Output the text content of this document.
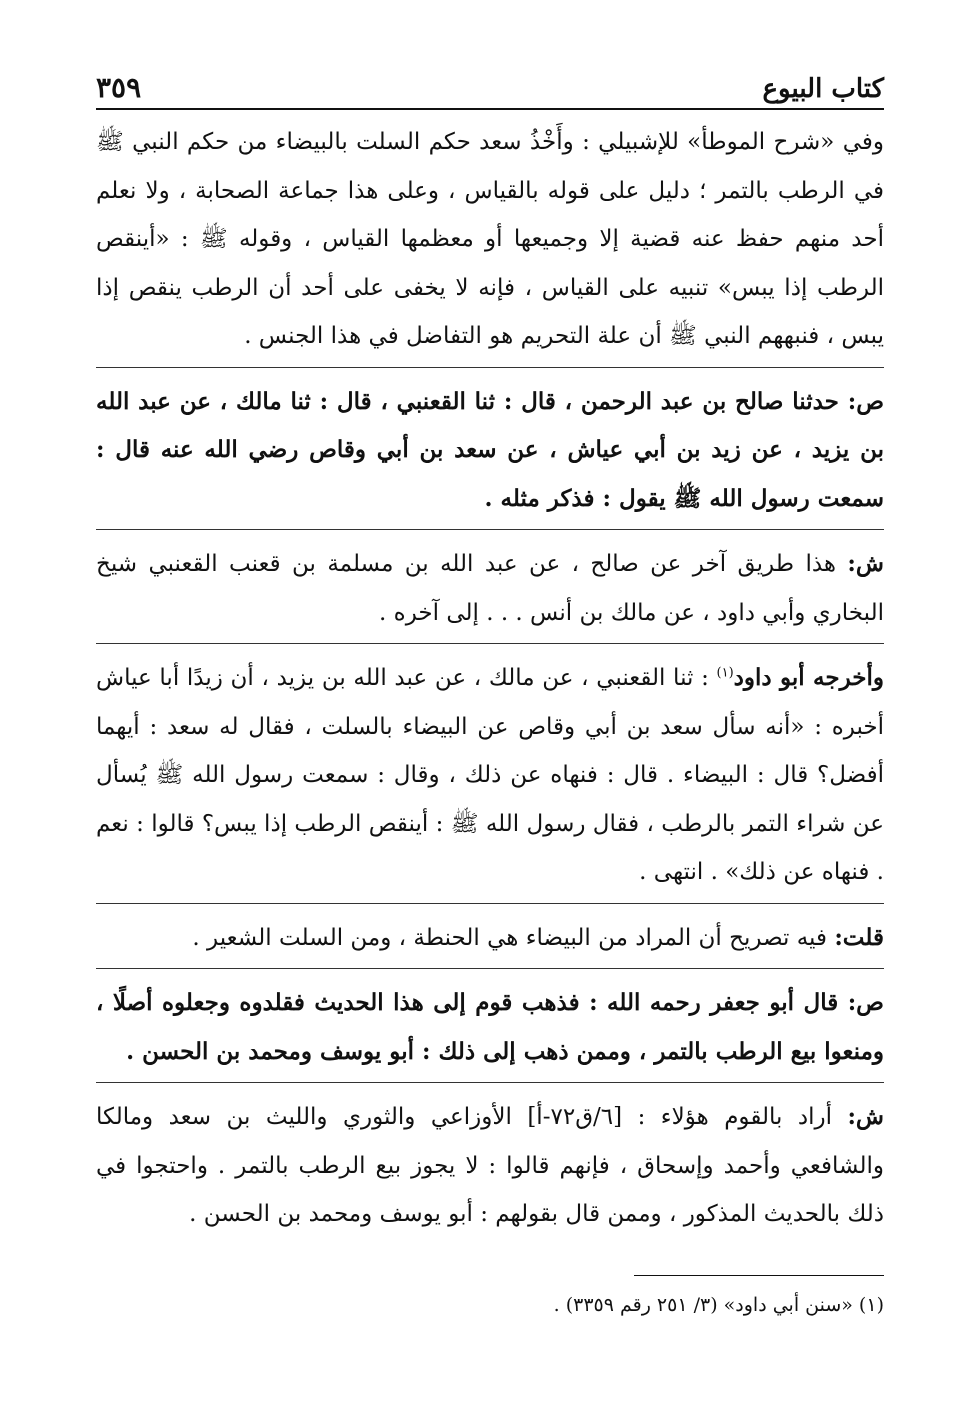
كتاب البيوع
٣٥٩

وفي «شرح الموطأ» للإشبيلي : وأَخْذُ سعد حكم السلت بالبيضاء من حكم النبي ﷺ في الرطب بالتمر ؛ دليل على قوله بالقياس ، وعلى هذا جماعة الصحابة ، ولا نعلم أحد منهم حفظ عنه قضية إلا وجميعها أو معظمها القياس ، وقوله ﷺ : «أينقص الرطب إذا يبس» تنبيه على القياس ، فإنه لا يخفى على أحد أن الرطب ينقص إذا يبس ، فنبههم النبي ﷺ أن علة التحريم هو التفاضل في هذا الجنس .

ص: حدثنا صالح بن عبد الرحمن ، قال : ثنا القعنبي ، قال : ثنا مالك ، عن عبد الله بن يزيد ، عن زيد بن أبي عياش ، عن سعد بن أبي وقاص رضي الله عنه قال : سمعت رسول الله ﷺ يقول : فذكر مثله .

ش: هذا طريق آخر عن صالح ، عن عبد الله بن مسلمة بن قعنب القعنبي شيخ البخاري وأبي داود ، عن مالك بن أنس . . . إلى آخره .

وأخرجه أبو داود$^{(١)}$ : ثنا القعنبي ، عن مالك ، عن عبد الله بن يزيد ، أن زيدًا أبا عياش أخبره : «أنه سأل سعد بن أبي وقاص عن البيضاء بالسلت ، فقال له سعد : أيهما أفضل؟ قال : البيضاء . قال : فنهاه عن ذلك ، وقال : سمعت رسول الله ﷺ يُسأل عن شراء التمر بالرطب ، فقال رسول الله ﷺ : أينقص الرطب إذا يبس؟ قالوا : نعم . فنهاه عن ذلك» . انتهى .

قلت: فيه تصريح أن المراد من البيضاء هي الحنطة ، ومن السلت الشعير .

ص: قال أبو جعفر رحمه الله : فذهب قوم إلى هذا الحديث فقلدوه وجعلوه أصلًا ، ومنعوا بيع الرطب بالتمر ، وممن ذهب إلى ذلك : أبو يوسف ومحمد بن الحسن .

ش: أراد بالقوم هؤلاء : [٦/ق٧٢-أ] الأوزاعي والثوري والليث بن سعد ومالكا والشافعي وأحمد وإسحاق ، فإنهم قالوا : لا يجوز بيع الرطب بالتمر . واحتجوا في ذلك بالحديث المذكور ، وممن قال بقولهم : أبو يوسف ومحمد بن الحسن .

(١) «سنن أبي داود» (٣/ ٢٥١ رقم ٣٣٥٩) .
